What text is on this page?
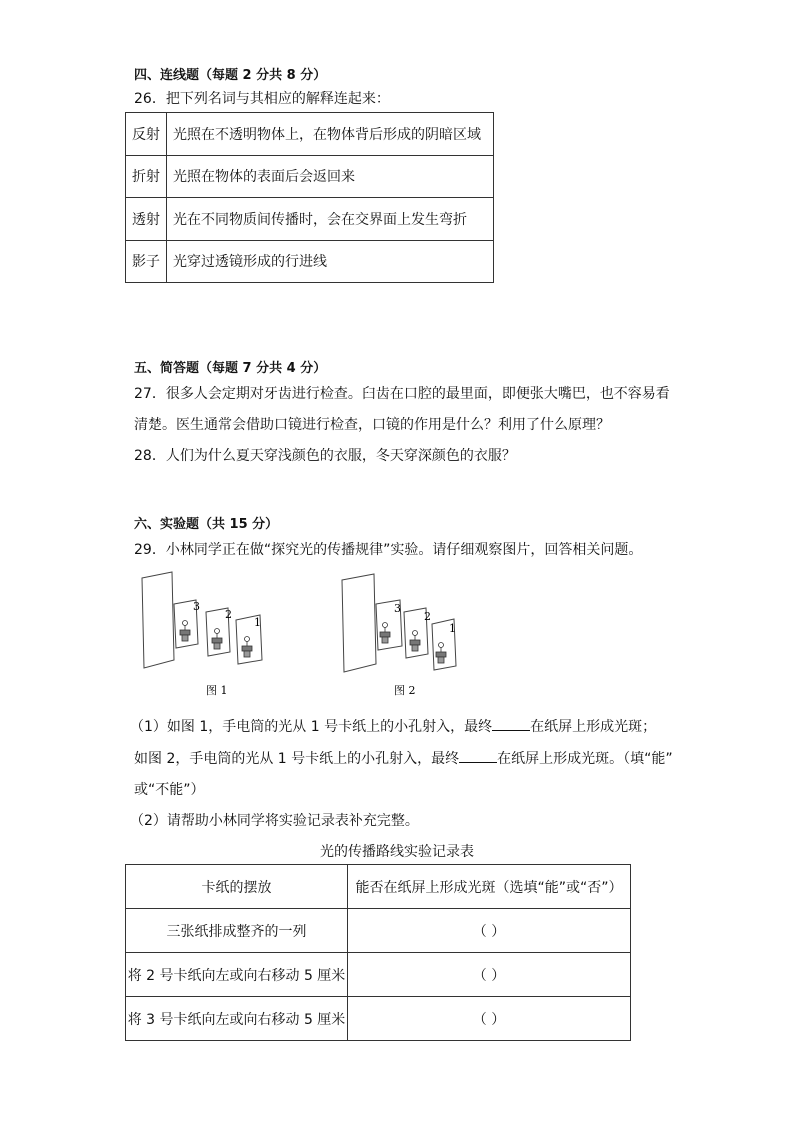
四、连线题（每题 2 分共 8 分）
26．把下列名词与其相应的解释连起来：
反射	光照在不透明物体上，在物体背后形成的阴暗区域
折射	光照在物体的表面后会返回来
透射	光在不同物质间传播时，会在交界面上发生弯折
影子	光穿过透镜形成的行进线
五、简答题（每题 7 分共 4 分）
27．很多人会定期对牙齿进行检查。臼齿在口腔的最里面，即便张大嘴巴，也不容易看
清楚。医生通常会借助口镜进行检查，口镜的作用是什么？利用了什么原理？
28．人们为什么夏天穿浅颜色的衣服，冬天穿深颜色的衣服？
六、实验题（共 15 分）
29．小林同学正在做“探究光的传播规律”实验。请仔细观察图片，回答相关问题。
3
2
1
图 1
3
2
1
图 2
（1）如图 1，手电筒的光从 1 号卡纸上的小孔射入，最终	在纸屏上形成光斑；
如图 2，手电筒的光从 1 号卡纸上的小孔射入，最终	在纸屏上形成光斑。（填“能”
或“不能”）
（2）请帮助小林同学将实验记录表补充完整。
光的传播路线实验记录表
卡纸的摆放	能否在纸屏上形成光斑（选填“能”或“否”）
三张纸排成整齐的一列	（ ）
将 2 号卡纸向左或向右移动 5 厘米	（ ）
将 3 号卡纸向左或向右移动 5 厘米	（ ）
